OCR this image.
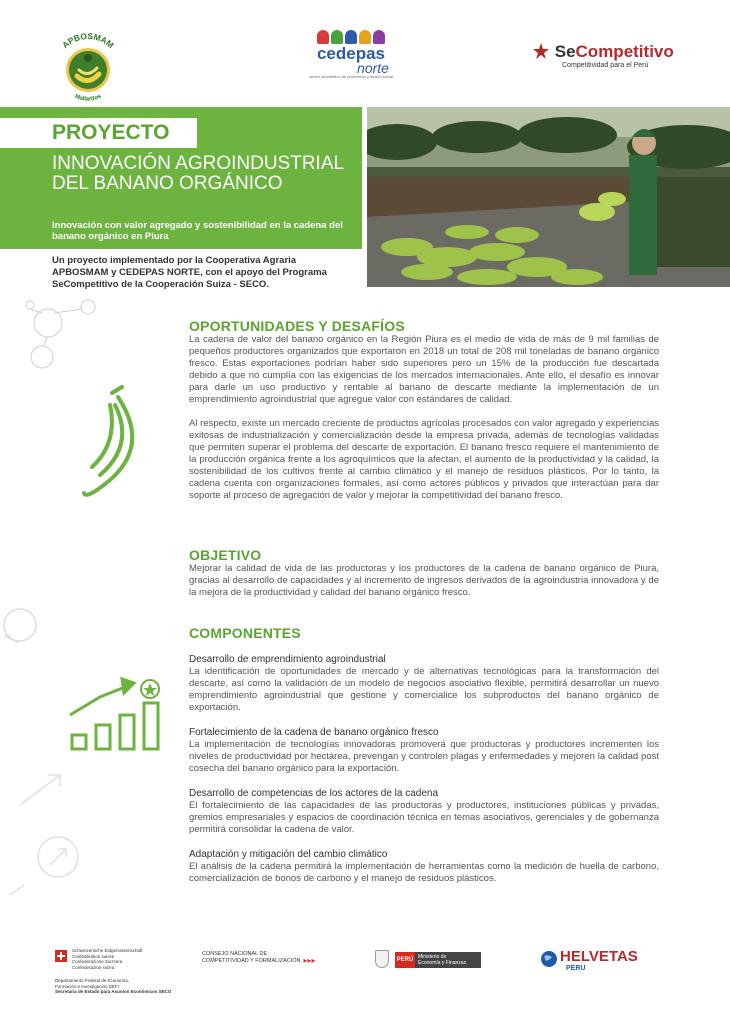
APBOSMAM
Mallaritos
cedepas
norte
centro ecuménico de promoción y acción social
SeCompetitivo
Competitividad para el Perú
PROYECTO
INNOVACIÓN AGROINDUSTRIAL DEL BANANO ORGÁNICO
Innovación con valor agregado y sostenibilidad en la cadena del banano orgánico en Piura
Un proyecto implementado por la Cooperativa Agraria APBOSMAM y CEDEPAS NORTE, con el apoyo del Programa SeCompetitivo de la Cooperación Suiza - SECO.
OPORTUNIDADES Y DESAFÍOS

La cadena de valor del banano orgánico en la Región Piura es el medio de vida de más de 9 mil familias de pequeños productores organizados que exportaron en 2018 un total de 208 mil toneladas de banano orgánico fresco. Estas exportaciones podrían haber sido superiores pero un 15% de la producción fue descartada debido a que no cumplía con las exigencias de los mercados internacionales. Ante ello, el desafío es innovar para darle un uso productivo y rentable al banano de descarte mediante la implementación de un emprendimiento agroindustrial que agregue valor con estándares de calidad.

Al respecto, existe un mercado creciente de productos agrícolas procesados con valor agregado y experiencias exitosas de industrialización y comercialización desde la empresa privada, además de tecnologías validadas que permiten superar el problema del descarte de exportación. El banano fresco requiere el mantenimiento de la producción orgánica frente a los agroquímicos que la afectan, el aumento de la productividad y la calidad, la sostenibilidad de los cultivos frente al cambio climático y el manejo de residuos plásticos. Por lo tanto, la cadena cuenta con organizaciones formales, así como actores públicos y privados que interactúan para dar soporte al proceso de agregación de valor y mejorar la competitividad del banano fresco.

OBJETIVO

Mejorar la calidad de vida de las productoras y los productores de la cadena de banano orgánico de Piura, gracias al desarrollo de capacidades y al incremento de ingresos derivados de la agroindustria innovadora y de la mejora de la productividad y calidad del banano orgánico fresco.

COMPONENTES
Desarrollo de emprendimiento agroindustrial

La identificación de oportunidades de mercado y de alternativas tecnológicas para la transformación del descarte, así como la validación de un modelo de negocios asociativo flexible, permitirá desarrollar un nuevo emprendimiento agroindustrial que gestione y comercialice los subproductos del banano orgánico de exportación.

Fortalecimiento de la cadena de banano orgánico fresco

La implementación de tecnologías innovadoras promoverá que productoras y productores incrementen los niveles de productividad por hectárea, prevengan y controlen plagas y enfermedades y mejoren la calidad post cosecha del banano orgánico para la exportación.

Desarrollo de competencias de los actores de la cadena

El fortalecimiento de las capacidades de las productoras y productores, instituciones públicas y privadas, gremios empresariales y espacios de coordinación técnica en temas asociativos, gerenciales y de gobernanza permitirá consolidar la cadena de valor.

Adaptación y mitigación del cambio climático

El análisis de la cadena permitirá la implementación de herramientas como la medición de huella de carbono, comercialización de bonos de carbono y el manejo de residuos plásticos.

Schweizerische Eidgenossenschaft
Confédération suisse
Confederazione Svizzera
Confederaziun svizra
Departamento Federal de Economía,
Formación e Investigación DEFI
Secretaría de Estado para Asuntos Económicos SECO
CONSEJO NACIONAL DE
COMPETITIVIDAD Y FORMALIZACIÓN ▸▸▸	PERÚ Ministerio de
Economía y Finanzas	HELVETAS
PERU
